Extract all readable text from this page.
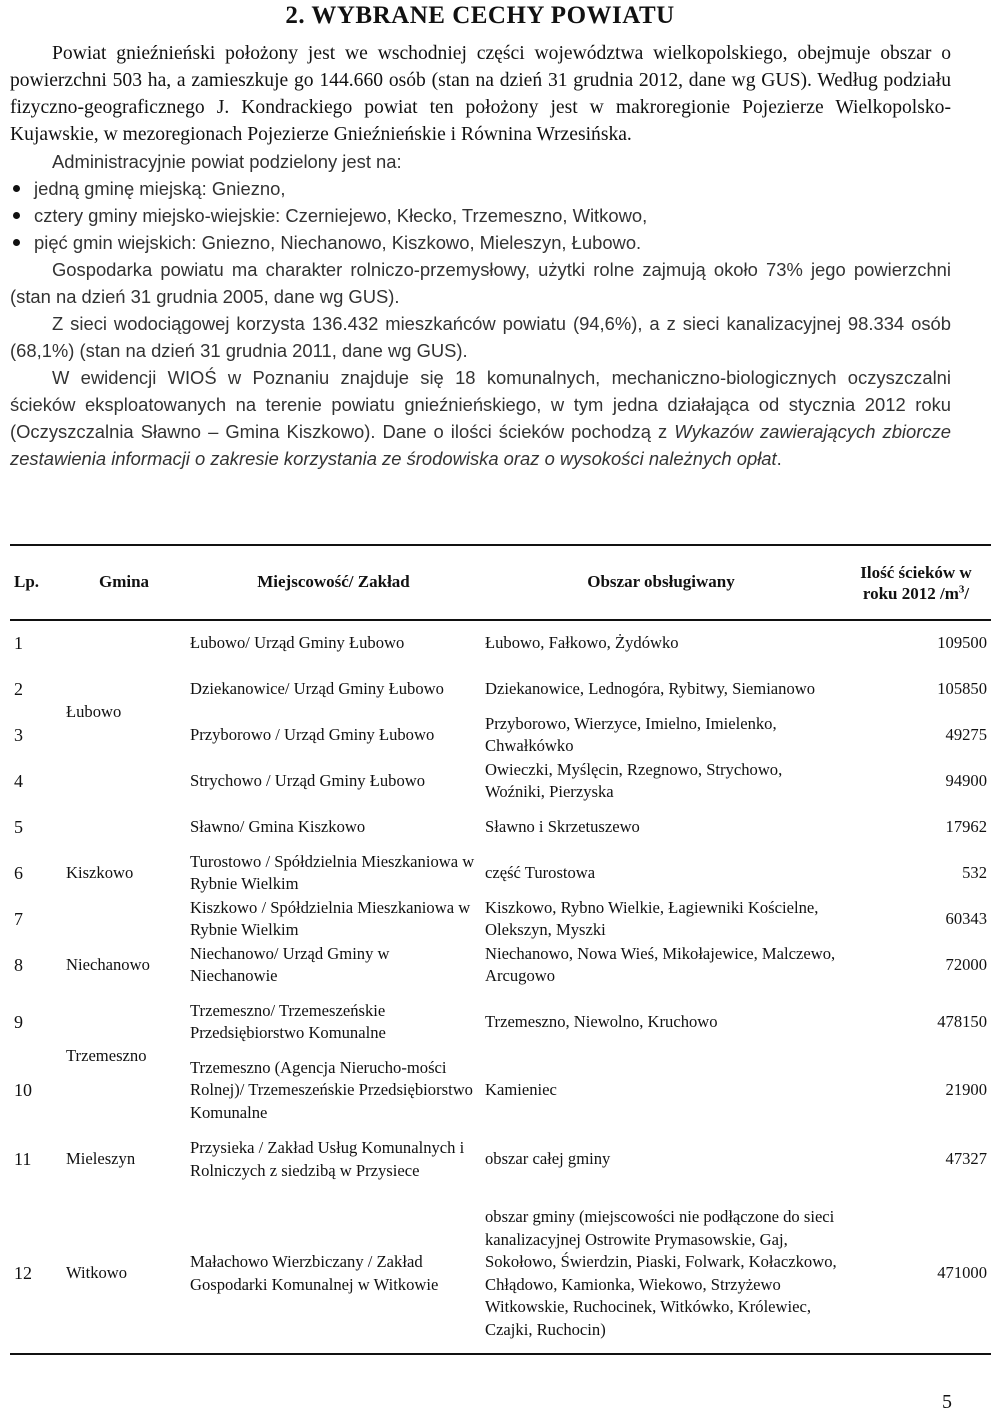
2. WYBRANE CECHY POWIATU

Powiat gnieźnieński położony jest we wschodniej części województwa wielkopolskiego, obejmuje obszar o powierzchni 503 ha, a zamieszkuje go 144.660 osób (stan na dzień 31 grudnia 2012, dane wg GUS). Według podziału fizyczno-geograficznego J. Kondrackiego powiat ten położony jest w makroregionie Pojezierze Wielkopolsko-Kujawskie, w mezoregionach Pojezierze Gnieźnieńskie i Równina Wrzesińska.

Administracyjnie powiat podzielony jest na:

jedną gminę miejską: Gniezno,
cztery gminy miejsko-wiejskie: Czerniejewo, Kłecko, Trzemeszno, Witkowo,
pięć gmin wiejskich: Gniezno, Niechanowo, Kiszkowo, Mieleszyn, Łubowo.

Gospodarka powiatu ma charakter rolniczo-przemysłowy, użytki rolne zajmują około 73% jego powierzchni (stan na dzień 31 grudnia 2005, dane wg GUS).

Z sieci wodociągowej korzysta 136.432 mieszkańców powiatu (94,6%), a z sieci kanalizacyjnej 98.334 osób (68,1%) (stan na dzień 31 grudnia 2011, dane wg GUS).

W ewidencji WIOŚ w Poznaniu znajduje się 18 komunalnych, mechaniczno-biologicznych oczyszczalni ścieków eksploatowanych na terenie powiatu gnieźnieńskiego, w tym jedna działająca od stycznia 2012 roku (Oczyszczalnia Sławno – Gmina Kiszkowo). Dane o ilości ścieków pochodzą z Wykazów zawierających zbiorcze zestawienia informacji o zakresie korzystania ze środowiska oraz o wysokości należnych opłat.

Lp.	Gmina	Miejscowość/ Zakład	Obszar obsługiwany	Ilość ścieków w roku 2012 $/m^3/$
1	Łubowo	Łubowo/ Urząd Gminy Łubowo	Łubowo, Fałkowo, Żydówko	109500
2		Dziekanowice/ Urząd Gminy Łubowo	Dziekanowice, Lednogóra, Rybitwy, Siemianowo	105850
3		Przyborowo / Urząd Gminy Łubowo	Przyborowo, Wierzyce, Imielno, Imielenko, Chwałkówko	49275
4		Strychowo / Urząd Gminy Łubowo	Owieczki, Myślęcin, Rzegnowo, Strychowo, Woźniki, Pierzyska	94900
5	Kiszkowo	Sławno/ Gmina Kiszkowo	Sławno i Skrzetuszewo	17962
6		Turostowo / Spółdzielnia Mieszkaniowa w Rybnie Wielkim	część Turostowa	532
7		Kiszkowo / Spółdzielnia Mieszkaniowa w Rybnie Wielkim	Kiszkowo, Rybno Wielkie, Łagiewniki Kościelne, Olekszyn, Myszki	60343
8	Niechanowo	Niechanowo/ Urząd Gminy w Niechanowie	Niechanowo, Nowa Wieś, Mikołajewice, Malczewo, Arcugowo	72000
9	Trzemeszno	Trzemeszno/ Trzemeszeńskie Przedsiębiorstwo Komunalne	Trzemeszno, Niewolno, Kruchowo	478150
10		Trzemeszno (Agencja Nierucho-mości Rolnej)/ Trzemeszeńskie Przedsiębiorstwo Komunalne	Kamieniec	21900
11	Mieleszyn	Przysieka / Zakład Usług Komunalnych i Rolniczych z siedzibą w Przysiece	obszar całej gminy	47327
12	Witkowo	Małachowo Wierzbiczany / Zakład Gospodarki Komunalnej w Witkowie	obszar gminy (miejscowości nie podłączone do sieci kanalizacyjnej Ostrowite Prymasowskie, Gaj, Sokołowo, Świerdzin, Piaski, Folwark, Kołaczkowo, Chłądowo, Kamionka, Wiekowo, Strzyżewo Witkowskie, Ruchocinek, Witkówko, Królewiec, Czajki, Ruchocin)	471000
5
